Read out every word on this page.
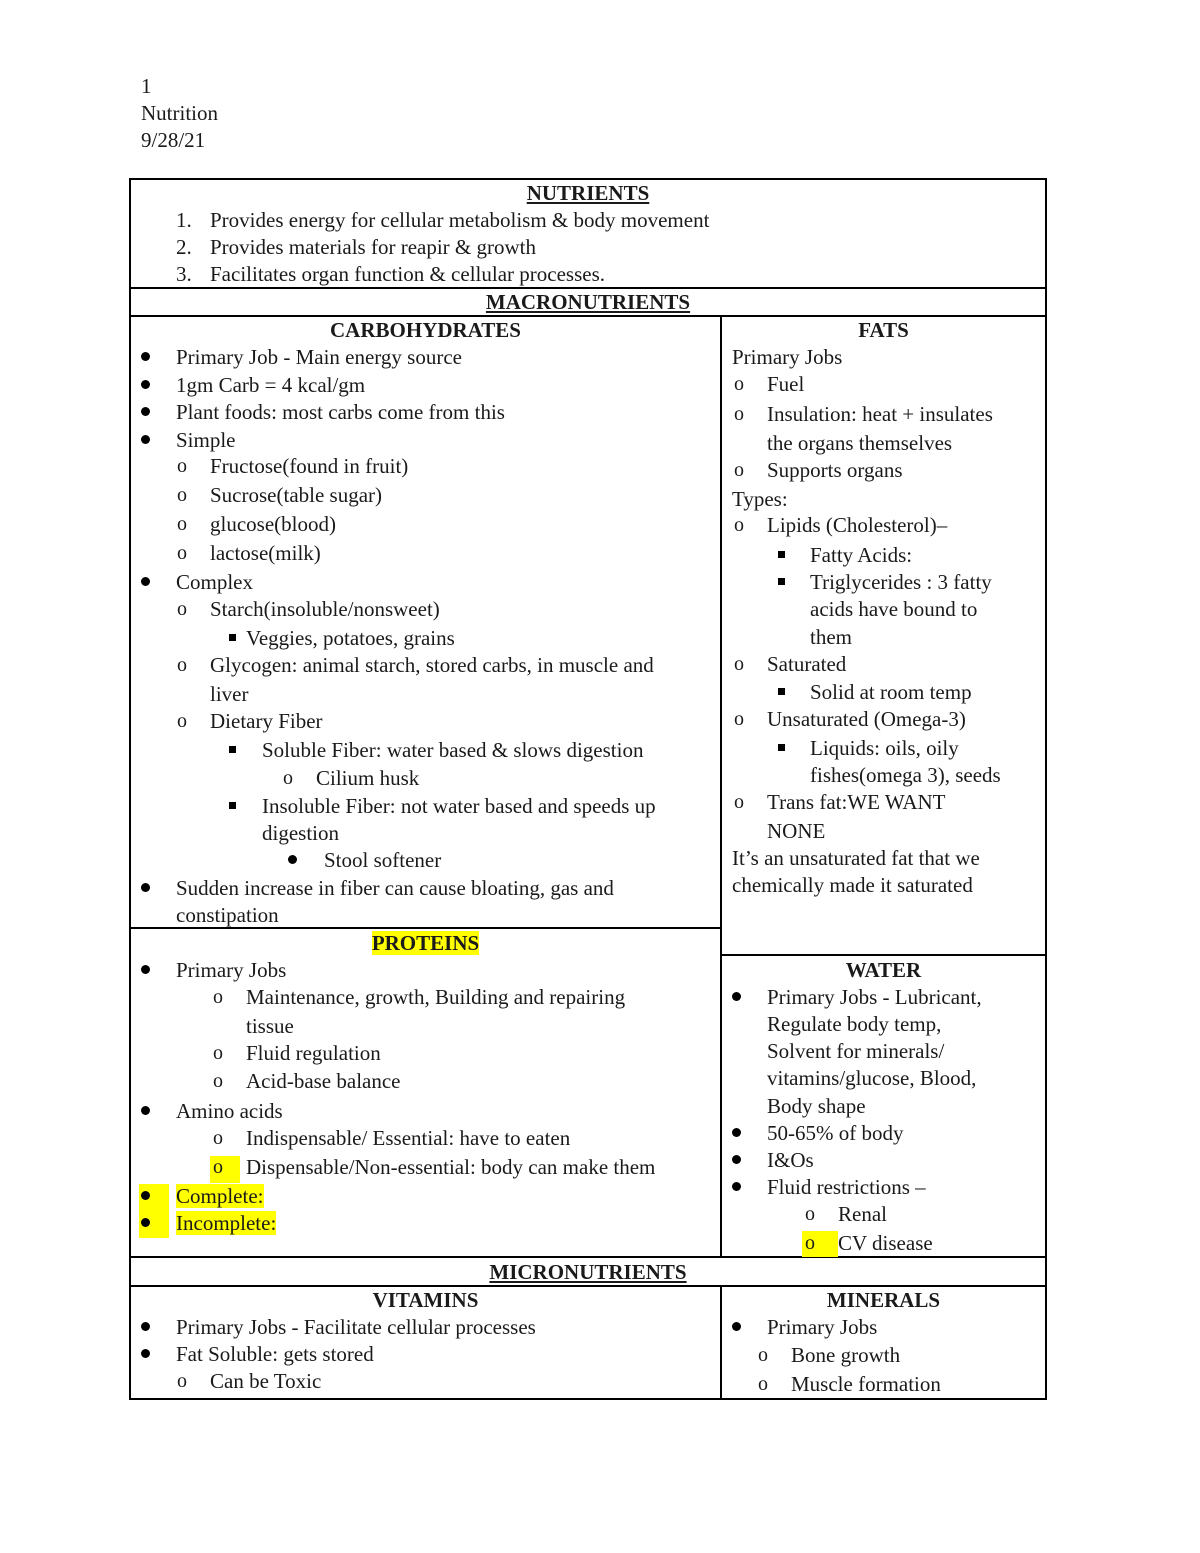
1
Nutrition
9/28/21
NUTRIENTS
1. Provides energy for cellular metabolism & body movement
2. Provides materials for reapir & growth
3. Facilitates organ function & cellular processes.
MACRONUTRIENTS
CARBOHYDRATES
Primary Job - Main energy source
1gm Carb = 4 kcal/gm
Plant foods: most carbs come from this
Simple
o Fructose(found in fruit)
o Sucrose(table sugar)
o glucose(blood)
o lactose(milk)
Complex
o Starch(insoluble/nonsweet)
Veggies, potatoes, grains
o Glycogen: animal starch, stored carbs, in muscle and
liver
o Dietary Fiber
Soluble Fiber: water based & slows digestion
o Cilium husk
Insoluble Fiber: not water based and speeds up
digestion
Stool softener
Sudden increase in fiber can cause bloating, gas and
constipation
FATS
Primary Jobs
o Fuel
o Insulation: heat + insulates
the organs themselves
o Supports organs
Types:
o Lipids (Cholesterol)–
Fatty Acids:
Triglycerides : 3 fatty
acids have bound to
them
o Saturated
Solid at room temp
o Unsaturated (Omega-3)
Liquids: oils, oily
fishes(omega 3), seeds
o Trans fat:WE WANT
NONE
It’s an unsaturated fat that we
chemically made it saturated
PROTEINS
Primary Jobs
o Maintenance, growth, Building and repairing
tissue
o Fluid regulation
o Acid-base balance
Amino acids
o Indispensable/ Essential: have to eaten
o Dispensable/Non-essential: body can make them
Complete:
Incomplete:
WATER
Primary Jobs - Lubricant,
Regulate body temp,
Solvent for minerals/
vitamins/glucose, Blood,
Body shape
50-65% of body
I&Os
Fluid restrictions –
o Renal
o CV disease
MICRONUTRIENTS
VITAMINS
Primary Jobs - Facilitate cellular processes
Fat Soluble: gets stored
o Can be Toxic
MINERALS
Primary Jobs
o Bone growth
o Muscle formation
